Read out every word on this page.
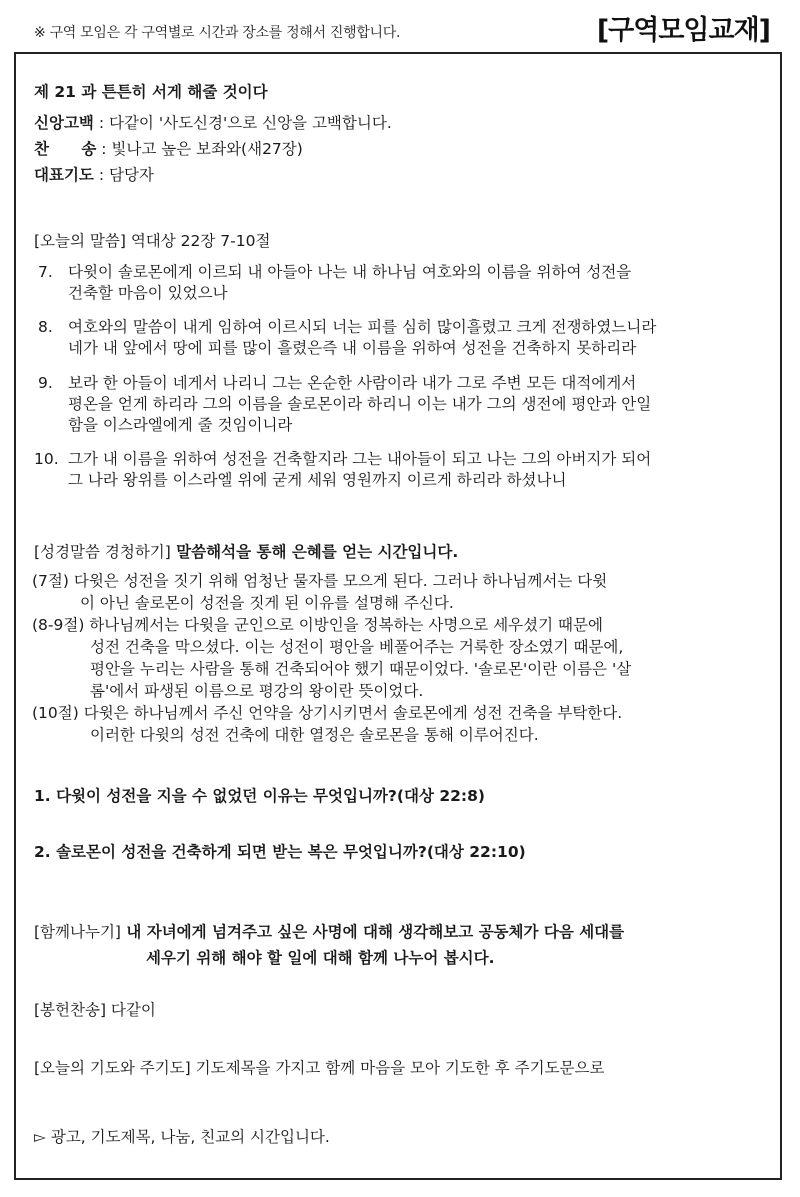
※ 구역 모임은 각 구역별로 시간과 장소를 정해서 진행합니다.	[구역모임교재]
제 21 과 튼튼히 서게 해줄 것이다
신앙고백 : 다같이 '사도신경'으로 신앙을 고백합니다.
찬      송 : 빛나고 높은 보좌와(새27장)
대표기도 : 담당자
[오늘의 말씀] 역대상 22장 7-10절
7. 다윗이 솔로몬에게 이르되 내 아들아 나는 내 하나님 여호와의 이름을 위하여 성전을
건축할 마음이 있었으나
8. 여호와의 말씀이 내게 임하여 이르시되 너는 피를 심히 많이흘렸고 크게 전쟁하였느니라
네가 내 앞에서 땅에 피를 많이 흘렸은즉 내 이름을 위하여 성전을 건축하지 못하리라
9. 보라 한 아들이 네게서 나리니 그는 온순한 사람이라 내가 그로 주변 모든 대적에게서
평온을 얻게 하리라 그의 이름을 솔로몬이라 하리니 이는 내가 그의 생전에 평안과 안일
함을 이스라엘에게 줄 것임이니라
10. 그가 내 이름을 위하여 성전을 건축할지라 그는 내아들이 되고 나는 그의 아버지가 되어
그 나라 왕위를 이스라엘 위에 굳게 세워 영원까지 이르게 하리라 하셨나니
[성경말씀 경청하기] 말씀해석을 통해 은혜를 얻는 시간입니다.
(7절) 다윗은 성전을 짓기 위해 엄청난 물자를 모으게 된다. 그러나 하나님께서는 다윗
이 아닌 솔로몬이 성전을 짓게 된 이유를 설명해 주신다.
(8-9절) 하나님께서는 다윗을 군인으로 이방인을 정복하는 사명으로 세우셨기 때문에
성전 건축을 막으셨다. 이는 성전이 평안을 베풀어주는 거룩한 장소였기 때문에,
평안을 누리는 사람을 통해 건축되어야 했기 때문이었다. '솔로몬'이란 이름은 '살
롬'에서 파생된 이름으로 평강의 왕이란 뜻이었다.
(10절) 다윗은 하나님께서 주신 언약을 상기시키면서 솔로몬에게 성전 건축을 부탁한다.
이러한 다윗의 성전 건축에 대한 열정은 솔로몬을 통해 이루어진다.
1. 다윗이 성전을 지을 수 없었던 이유는 무엇입니까?(대상 22:8)
2. 솔로몬이 성전을 건축하게 되면 받는 복은 무엇입니까?(대상 22:10)
[함께나누기] 내 자녀에게 넘겨주고 싶은 사명에 대해 생각해보고 공동체가 다음 세대를
세우기 위해 해야 할 일에 대해 함께 나누어 봅시다.
[봉헌찬송] 다같이
[오늘의 기도와 주기도] 기도제목을 가지고 함께 마음을 모아 기도한 후 주기도문으로
▻ 광고, 기도제목, 나눔, 친교의 시간입니다.
